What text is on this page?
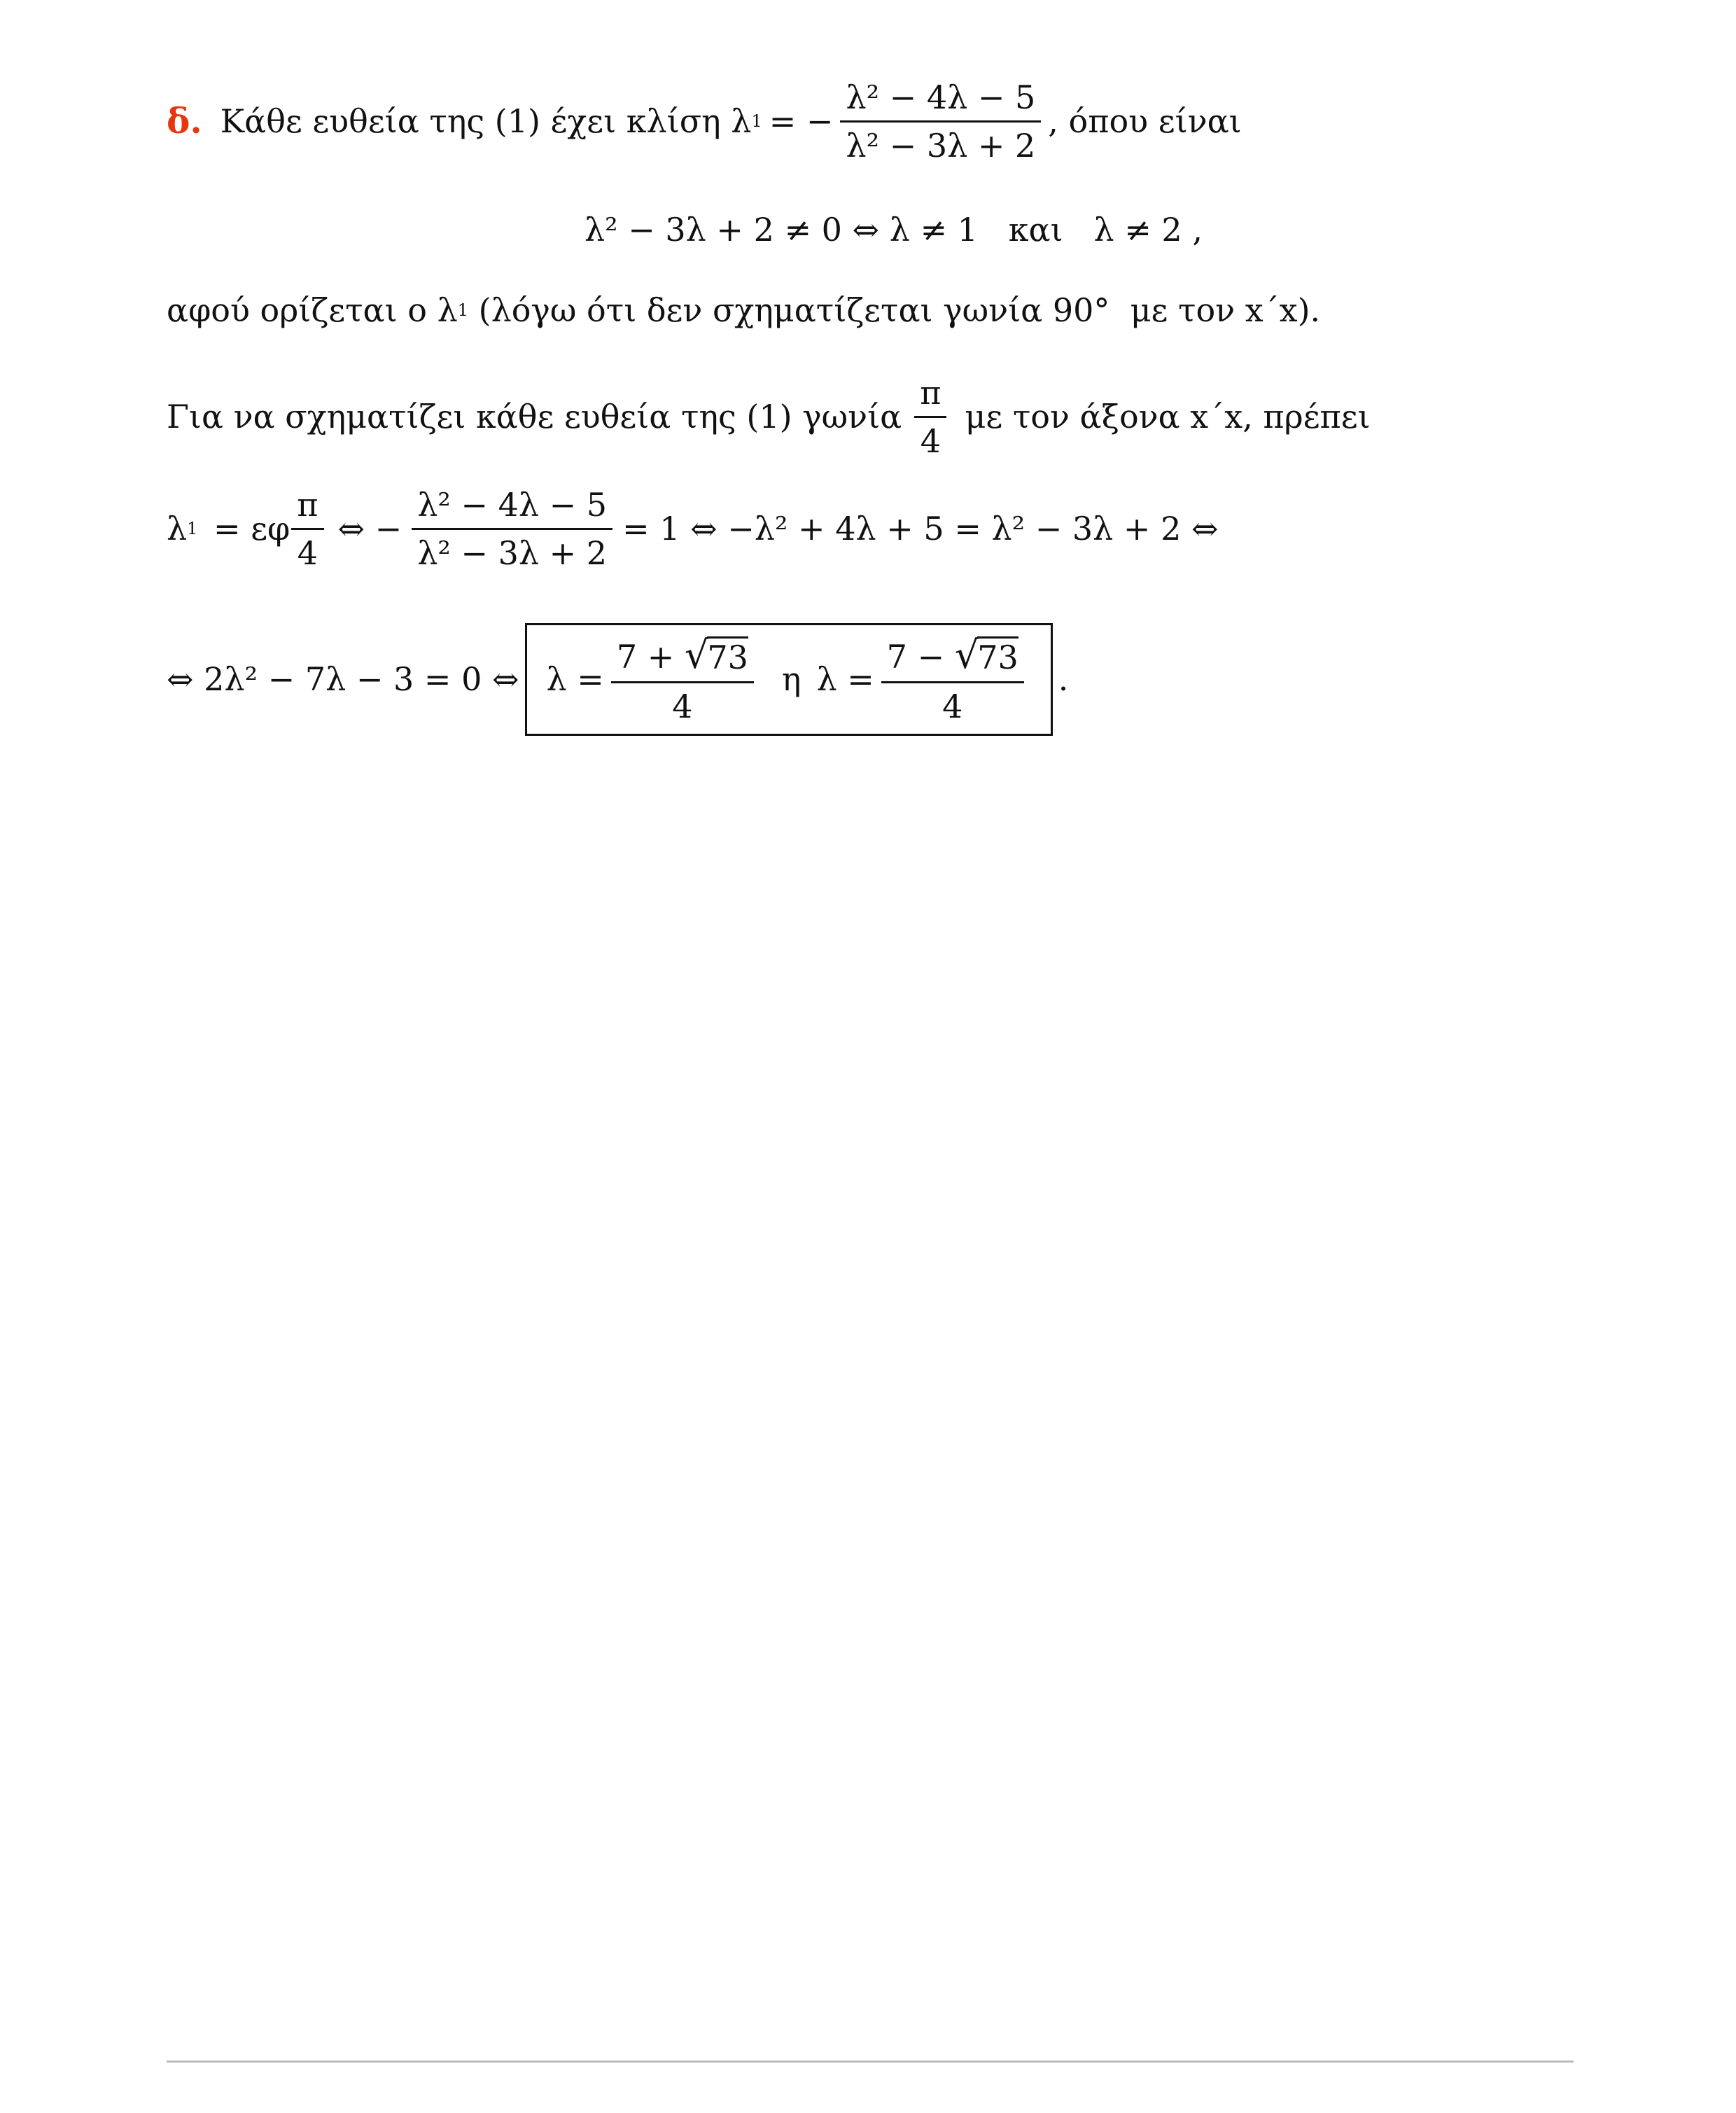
δ. Κάθε ευθεία της (1) έχει κλίση λ 1 = − $\frac{\text{λ² − 4λ − 5}}{\text{λ² − 3λ + 2}}$ , όπου είναι
λ² − 3λ + 2 ≠ 0 ⇔ λ ≠ 1   και   λ ≠ 2 ,
αφού ορίζεται ο λ 1 (λόγω ότι δεν σχηματίζεται γωνία 90°  με τον x΄x).
Για να σχηματίζει κάθε ευθεία της (1) γωνία $\frac{\pi}{4}$ με τον άξονα x΄x, πρέπει
λ 1 = εφ $\frac{\pi}{4}$ ⇔ − $\frac{\text{λ² − 4λ − 5}}{\text{λ² − 3λ + 2}} = 1$ ⇔ −λ² + 4λ + 5 = λ² − 3λ + 2 ⇔
⇔ 2λ² − 7λ − 3 = 0 ⇔ λ = 7 + √
73
4 η λ = 7 − √
73
4 .
